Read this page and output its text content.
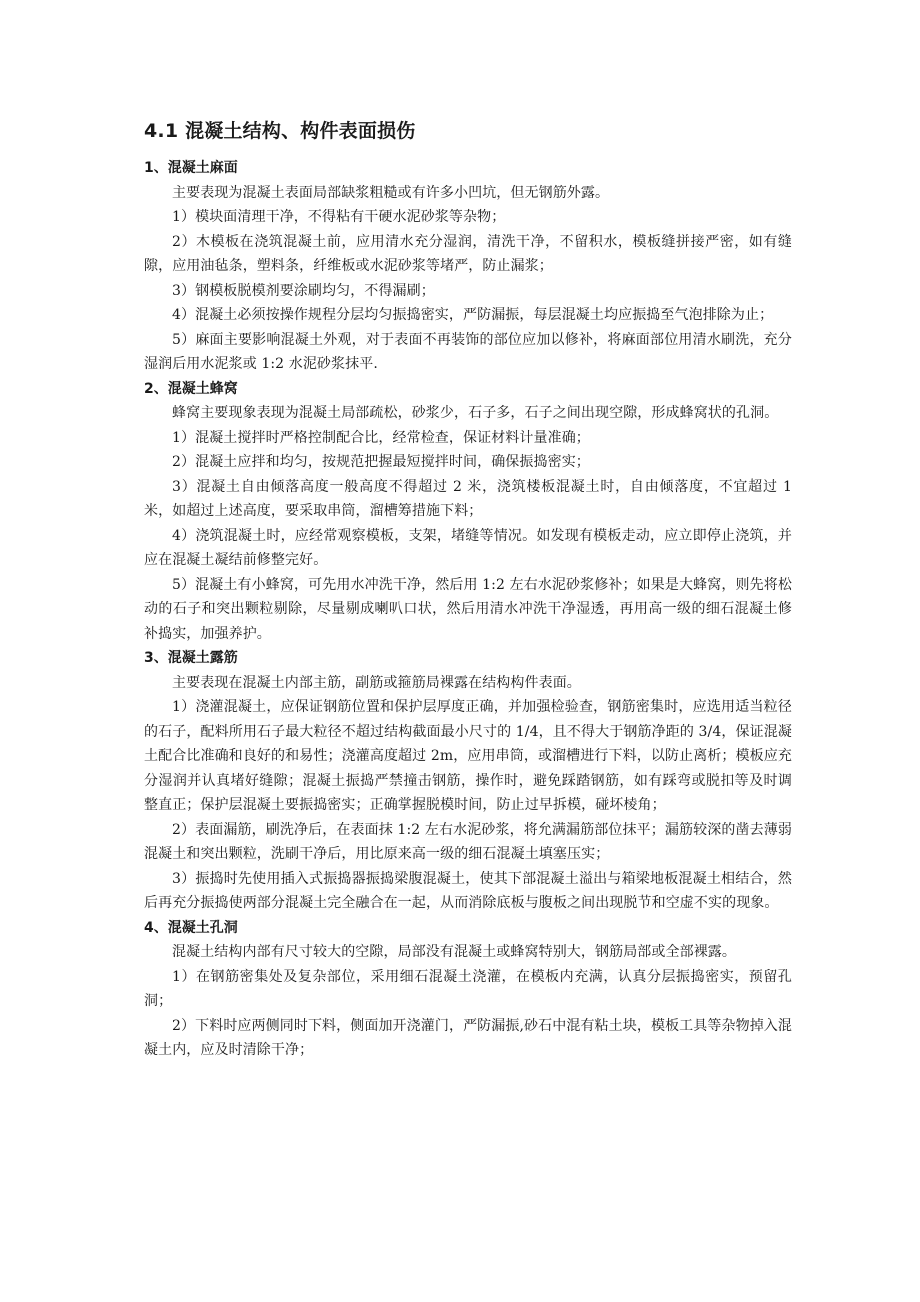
4.1 混凝土结构、构件表面损伤
1、混凝土麻面

主要表现为混凝土表面局部缺浆粗糙或有许多小凹坑，但无钢筋外露。

1）模块面清理干净，不得粘有干硬水泥砂浆等杂物；

2）木模板在浇筑混凝土前，应用清水充分湿润，清洗干净，不留积水，模板缝拼接严密，如有缝隙，应用油毡条，塑料条，纤维板或水泥砂浆等堵严，防止漏浆；

3）钢模板脱模剂要涂刷均匀，不得漏刷；

4）混凝土必须按操作规程分层均匀振捣密实，严防漏振，每层混凝土均应振捣至气泡排除为止；

5）麻面主要影响混凝土外观，对于表面不再装饰的部位应加以修补，将麻面部位用清水刷洗，充分湿润后用水泥浆或 1:2 水泥砂浆抹平.

2、混凝土蜂窝

蜂窝主要现象表现为混凝土局部疏松，砂浆少，石子多，石子之间出现空隙，形成蜂窝状的孔洞。

1）混凝土搅拌时严格控制配合比，经常检查，保证材料计量准确；

2）混凝土应拌和均匀，按规范把握最短搅拌时间，确保振捣密实；

3）混凝土自由倾落高度一般高度不得超过 2 米，浇筑楼板混凝土时，自由倾落度，不宜超过 1 米，如超过上述高度，要采取串筒，溜槽筹措施下料；

4）浇筑混凝土时，应经常观察模板，支架，堵缝等情况。如发现有模板走动，应立即停止浇筑，并应在混凝土凝结前修整完好。

5）混凝土有小蜂窝，可先用水冲洗干净，然后用 1:2 左右水泥砂浆修补；如果是大蜂窝，则先将松动的石子和突出颗粒剔除，尽量剔成喇叭口状，然后用清水冲洗干净湿透，再用高一级的细石混凝土修补捣实，加强养护。

3、混凝土露筋

主要表现在混凝土内部主筋，副筋或箍筋局裸露在结构构件表面。

1）浇灌混凝土，应保证钢筋位置和保护层厚度正确，并加强检验查，钢筋密集时，应选用适当粒径的石子，配料所用石子最大粒径不超过结构截面最小尺寸的 1/4，且不得大于钢筋净距的 3/4，保证混凝土配合比准确和良好的和易性；浇灌高度超过 2m，应用串筒，或溜槽进行下料，以防止离析；模板应充分湿润并认真堵好缝隙；混凝土振捣严禁撞击钢筋，操作时，避免踩踏钢筋，如有踩弯或脱扣等及时调整直正；保护层混凝土要振捣密实；正确掌握脱模时间，防止过早拆模，碰坏棱角；

2）表面漏筋，刷洗净后，在表面抹 1:2 左右水泥砂浆，将允满漏筋部位抹平；漏筋较深的凿去薄弱混凝土和突出颗粒，洗刷干净后，用比原来高一级的细石混凝土填塞压实；

3）振捣时先使用插入式振捣器振捣梁腹混凝土，使其下部混凝土溢出与箱梁地板混凝土相结合，然后再充分振捣使两部分混凝土完全融合在一起，从而消除底板与腹板之间出现脱节和空虚不实的现象。

4、混凝土孔洞

混凝土结构内部有尺寸较大的空隙，局部没有混凝土或蜂窝特别大，钢筋局部或全部裸露。

1）在钢筋密集处及复杂部位，采用细石混凝土浇灌，在模板内充满，认真分层振捣密实，预留孔洞；

2）下料时应两侧同时下料，侧面加开浇灌门，严防漏振,砂石中混有粘土块，模板工具等杂物掉入混凝土内，应及时清除干净；
